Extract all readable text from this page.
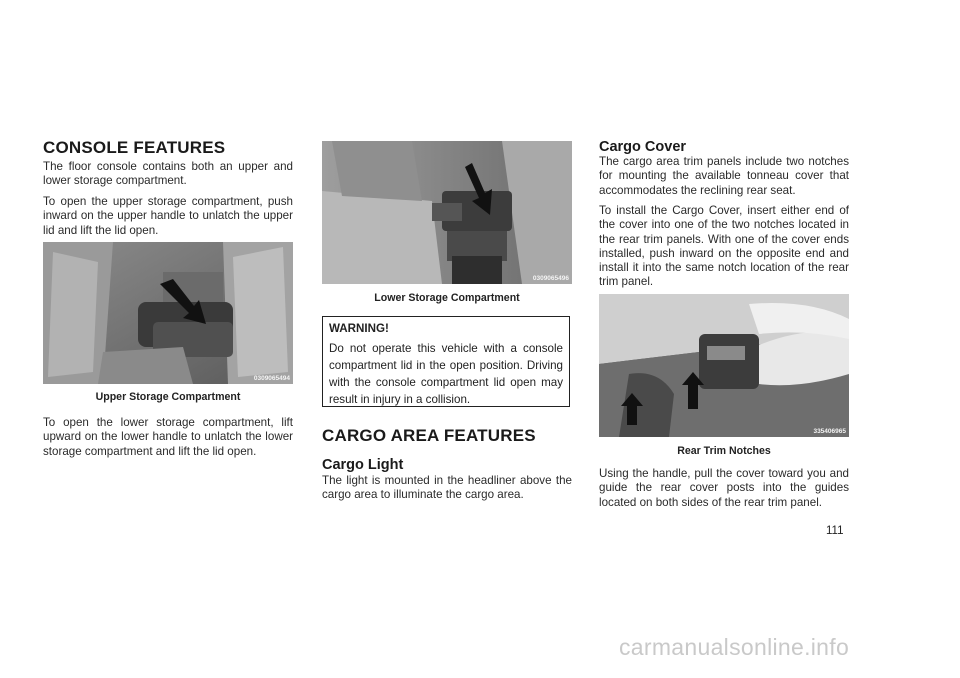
CONSOLE FEATURES

The floor console contains both an upper and lower storage compartment.

To open the upper storage compartment, push inward on the upper handle to unlatch the upper lid and lift the lid open.

0309065494

Upper Storage Compartment

To open the lower storage compartment, lift upward on the lower handle to unlatch the lower storage compartment and lift the lid open.

0309065496

Lower Storage Compartment

WARNING!

Do not operate this vehicle with a console compartment lid in the open position. Driving with the console compartment lid open may result in injury in a collision.

CARGO AREA FEATURES
Cargo Light

The light is mounted in the headliner above the cargo area to illuminate the cargo area.

Cargo Cover

The cargo area trim panels include two notches for mounting the available tonneau cover that accommodates the reclining rear seat.

To install the Cargo Cover, insert either end of the cover into one of the two notches located in the rear trim panels. With one of the cover ends installed, push inward on the opposite end and install it into the same notch location of the rear trim panel.

335406965

Rear Trim Notches

Using the handle, pull the cover toward you and guide the rear cover posts into the guides located on both sides of the rear trim panel.

111

carmanualsonline.info
